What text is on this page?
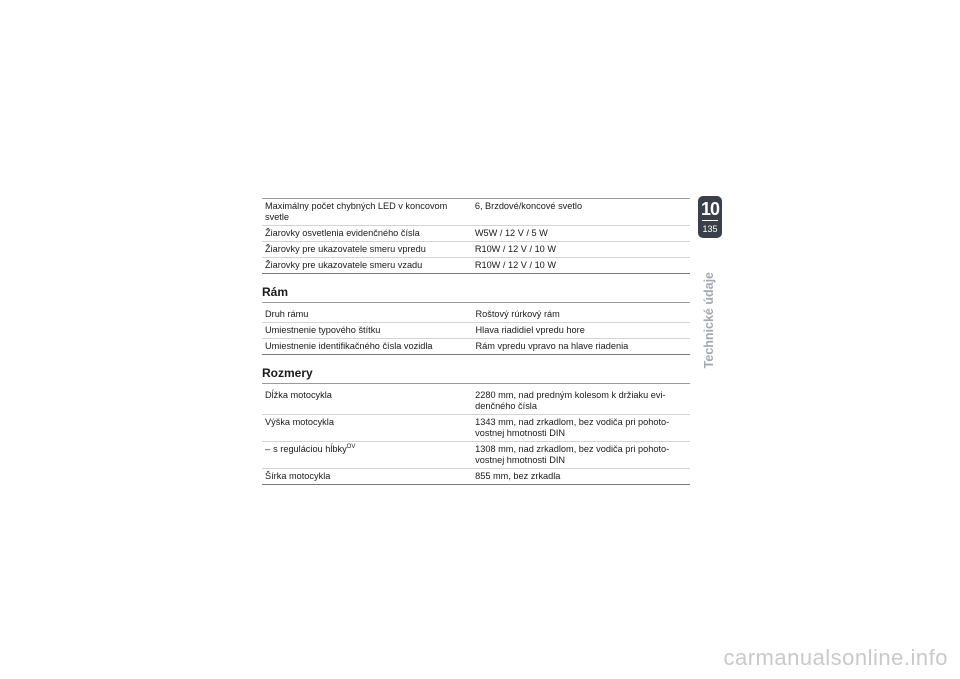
Maximálny počet chybných LED v koncovom svetle	6, Brzdové/koncové svetlo
Žiarovky osvetlenia evidenčného čísla	W5W / 12 V / 5 W
Žiarovky pre ukazovatele smeru vpredu	R10W / 12 V / 10 W
Žiarovky pre ukazovatele smeru vzadu	R10W / 12 V / 10 W
Rám
Druh rámu	Roštový rúrkový rám
Umiestnenie typového štítku	Hlava riadidiel vpredu hore
Umiestnenie identifikačného čísla vozidla	Rám vpredu vpravo na hlave riadenia
Rozmery
Dĺžka motocykla	2280 mm, nad predným kolesom k držiaku evi-denčného čísla
Výška motocykla	1343 mm, nad zrkadlom, bez vodiča pri pohoto-vostnej hmotnosti DIN
– s reguláciou hĺbky$^{OV}$	1308 mm, nad zrkadlom, bez vodiča pri pohoto-vostnej hmotnosti DIN
Šírka motocykla	855 mm, bez zrkadla
10
135
Technické údaje
carmanualsonline.info
